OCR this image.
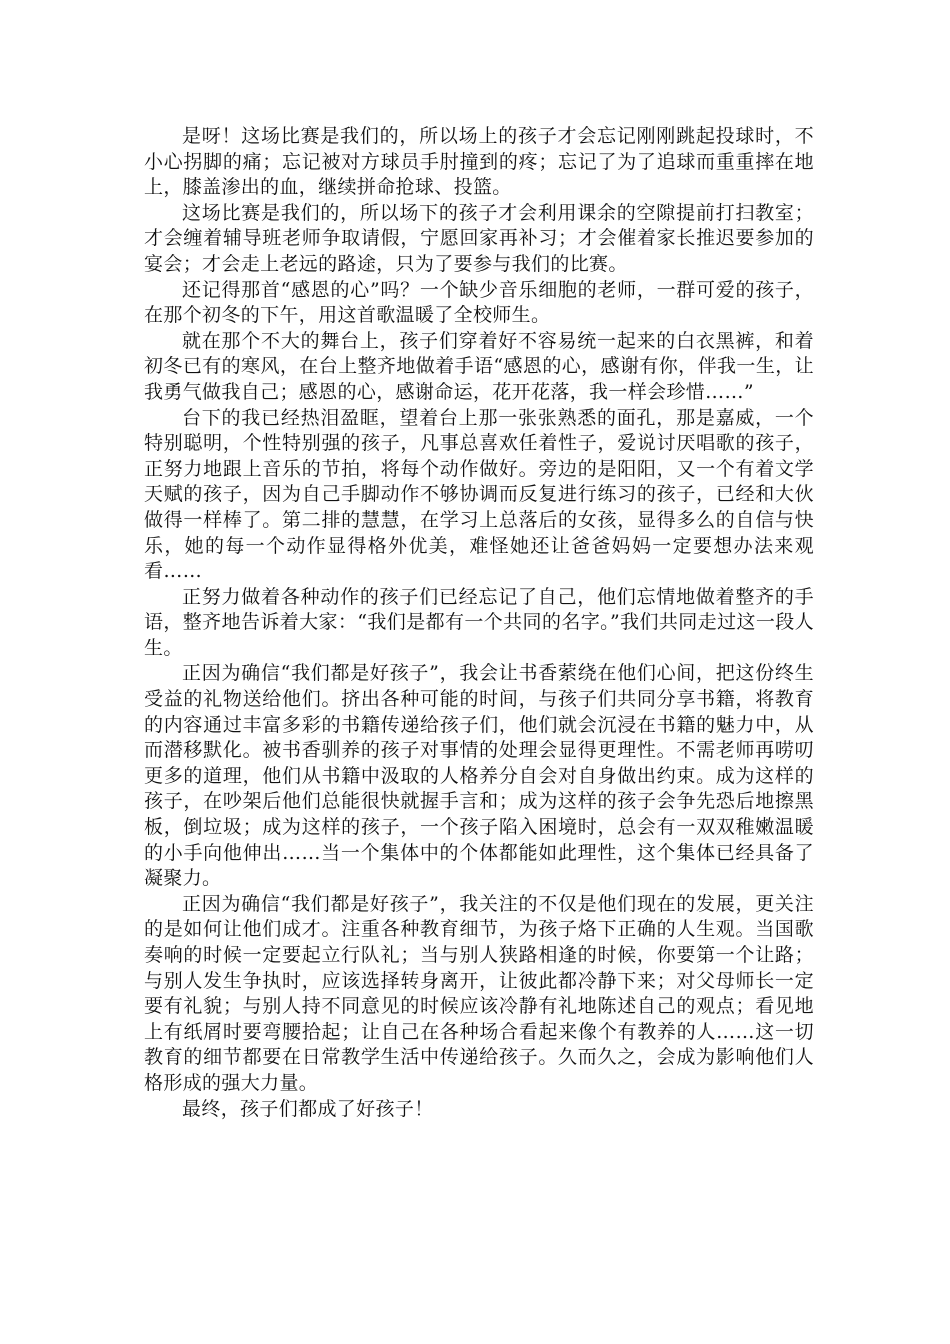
是呀！这场比赛是我们的，所以场上的孩子才会忘记刚刚跳起投球时，不小心拐脚的痛；忘记被对方球员手肘撞到的疼；忘记了为了追球而重重摔在地上，膝盖渗出的血，继续拼命抢球、投篮。

这场比赛是我们的，所以场下的孩子才会利用课余的空隙提前打扫教室；才会缠着辅导班老师争取请假，宁愿回家再补习；才会催着家长推迟要参加的宴会；才会走上老远的路途，只为了要参与我们的比赛。

还记得那首“感恩的心”吗？一个缺少音乐细胞的老师，一群可爱的孩子，在那个初冬的下午，用这首歌温暖了全校师生。

就在那个不大的舞台上，孩子们穿着好不容易统一起来的白衣黑裤，和着初冬已有的寒风，在台上整齐地做着手语“感恩的心，感谢有你，伴我一生，让我勇气做我自己；感恩的心，感谢命运，花开花落，我一样会珍惜……”

台下的我已经热泪盈眶，望着台上那一张张熟悉的面孔，那是嘉威，一个特别聪明，个性特别强的孩子，凡事总喜欢任着性子，爱说讨厌唱歌的孩子，正努力地跟上音乐的节拍，将每个动作做好。旁边的是阳阳，又一个有着文学天赋的孩子，因为自己手脚动作不够协调而反复进行练习的孩子，已经和大伙做得一样棒了。第二排的慧慧，在学习上总落后的女孩，显得多么的自信与快乐，她的每一个动作显得格外优美，难怪她还让爸爸妈妈一定要想办法来观看……

正努力做着各种动作的孩子们已经忘记了自己，他们忘情地做着整齐的手语，整齐地告诉着大家：“我们是都有一个共同的名字。”我们共同走过这一段人生。

正因为确信“我们都是好孩子”，我会让书香萦绕在他们心间，把这份终生受益的礼物送给他们。挤出各种可能的时间，与孩子们共同分享书籍，将教育的内容通过丰富多彩的书籍传递给孩子们，他们就会沉浸在书籍的魅力中，从而潜移默化。被书香驯养的孩子对事情的处理会显得更理性。不需老师再唠叨更多的道理，他们从书籍中汲取的人格养分自会对自身做出约束。成为这样的孩子，在吵架后他们总能很快就握手言和；成为这样的孩子会争先恐后地擦黑板，倒垃圾；成为这样的孩子，一个孩子陷入困境时，总会有一双双稚嫩温暖的小手向他伸出……当一个集体中的个体都能如此理性，这个集体已经具备了凝聚力。

正因为确信“我们都是好孩子”，我关注的不仅是他们现在的发展，更关注的是如何让他们成才。注重各种教育细节，为孩子烙下正确的人生观。当国歌奏响的时候一定要起立行队礼；当与别人狭路相逢的时候，你要第一个让路；与别人发生争执时，应该选择转身离开，让彼此都冷静下来；对父母师长一定要有礼貌；与别人持不同意见的时候应该冷静有礼地陈述自己的观点；看见地上有纸屑时要弯腰拾起；让自己在各种场合看起来像个有教养的人……这一切教育的细节都要在日常教学生活中传递给孩子。久而久之，会成为影响他们人格形成的强大力量。

最终，孩子们都成了好孩子！
